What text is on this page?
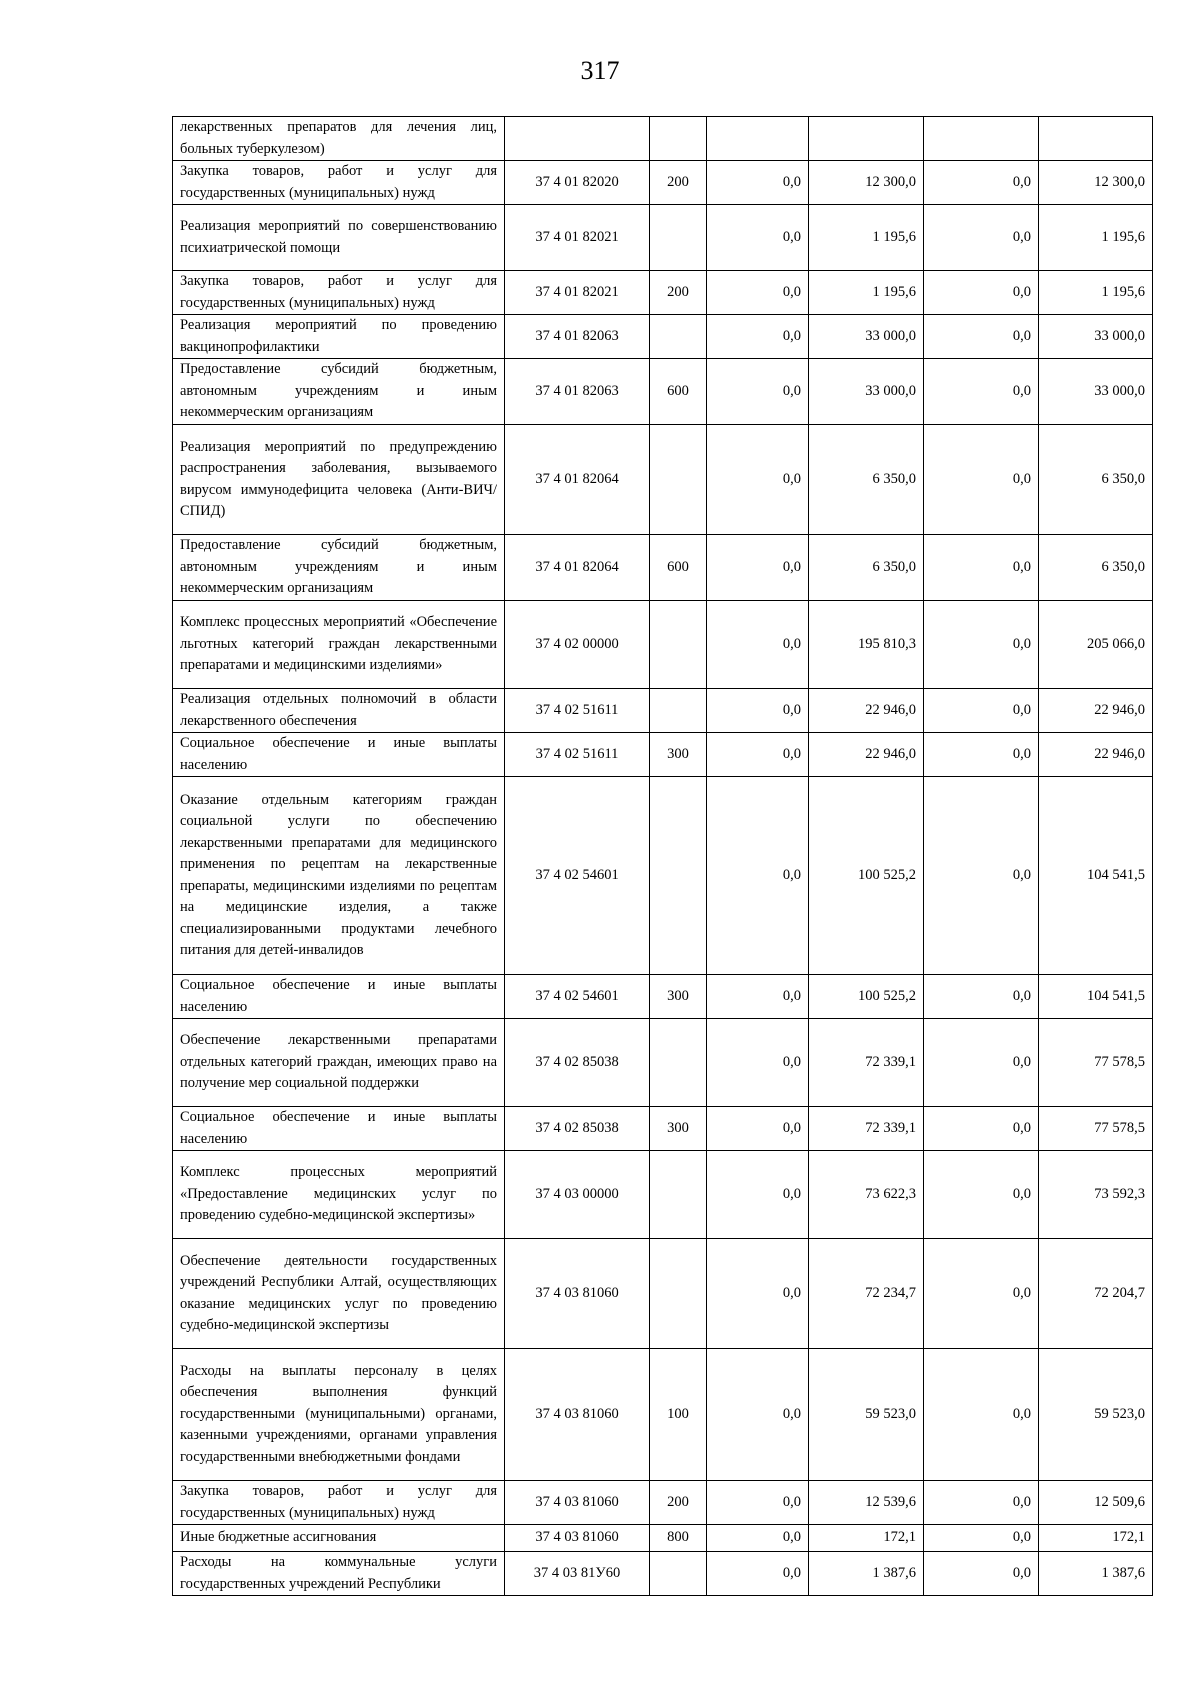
317
лекарственных препаратов для лечения лиц, больных туберкулезом)						
Закупка товаров, работ и услуг для государственных (муниципальных) нужд	37 4 01 82020	200	0,0	12 300,0	0,0	12 300,0
Реализация мероприятий по совершенствованию психиатрической помощи	37 4 01 82021		0,0	1 195,6	0,0	1 195,6
Закупка товаров, работ и услуг для государственных (муниципальных) нужд	37 4 01 82021	200	0,0	1 195,6	0,0	1 195,6
Реализация мероприятий по проведению вакцинопрофилактики	37 4 01 82063		0,0	33 000,0	0,0	33 000,0
Предоставление субсидий бюджетным, автономным учреждениям и иным некоммерческим организациям	37 4 01 82063	600	0,0	33 000,0	0,0	33 000,0
Реализация мероприятий по предупреждению распространения заболевания, вызываемого вирусом иммунодефицита человека (Анти-ВИЧ/СПИД)	37 4 01 82064		0,0	6 350,0	0,0	6 350,0
Предоставление субсидий бюджетным, автономным учреждениям и иным некоммерческим организациям	37 4 01 82064	600	0,0	6 350,0	0,0	6 350,0
Комплекс процессных мероприятий «Обеспечение льготных категорий граждан лекарственными препаратами и медицинскими изделиями»	37 4 02 00000		0,0	195 810,3	0,0	205 066,0
Реализация отдельных полномочий в области лекарственного обеспечения	37 4 02 51611		0,0	22 946,0	0,0	22 946,0
Социальное обеспечение и иные выплаты населению	37 4 02 51611	300	0,0	22 946,0	0,0	22 946,0
Оказание отдельным категориям граждан социальной услуги по обеспечению лекарственными препаратами для медицинского применения по рецептам на лекарственные препараты, медицинскими изделиями по рецептам на медицинские изделия, а также специализированными продуктами лечебного питания для детей-инвалидов	37 4 02 54601		0,0	100 525,2	0,0	104 541,5
Социальное обеспечение и иные выплаты населению	37 4 02 54601	300	0,0	100 525,2	0,0	104 541,5
Обеспечение лекарственными препаратами отдельных категорий граждан, имеющих право на получение мер социальной поддержки	37 4 02 85038		0,0	72 339,1	0,0	77 578,5
Социальное обеспечение и иные выплаты населению	37 4 02 85038	300	0,0	72 339,1	0,0	77 578,5
Комплекс процессных мероприятий «Предоставление медицинских услуг по проведению судебно-медицинской экспертизы»	37 4 03 00000		0,0	73 622,3	0,0	73 592,3
Обеспечение деятельности государственных учреждений Республики Алтай, осуществляющих оказание медицинских услуг по проведению судебно-медицинской экспертизы	37 4 03 81060		0,0	72 234,7	0,0	72 204,7
Расходы на выплаты персоналу в целях обеспечения выполнения функций государственными (муниципальными) органами, казенными учреждениями, органами управления государственными внебюджетными фондами	37 4 03 81060	100	0,0	59 523,0	0,0	59 523,0
Закупка товаров, работ и услуг для государственных (муниципальных) нужд	37 4 03 81060	200	0,0	12 539,6	0,0	12 509,6
Иные бюджетные ассигнования	37 4 03 81060	800	0,0	172,1	0,0	172,1
Расходы на коммунальные услуги государственных учреждений Республики	37 4 03 81У60		0,0	1 387,6	0,0	1 387,6
